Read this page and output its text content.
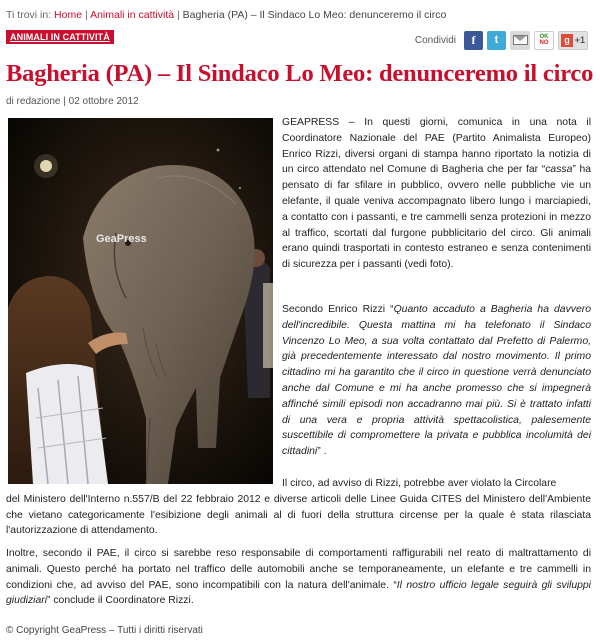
Ti trovi in: Home | Animali in cattività | Bagheria (PA) – Il Sindaco Lo Meo: denunceremo il circo
ANIMALI IN CATTIVITÀ	Condividi f t	OK
NO	g +1
Bagheria (PA) – Il Sindaco Lo Meo: denunceremo il circo
di redazione | 02 ottobre 2012
GeaPress

GEAPRESS – In questi giorni, comunica in una nota il Coordinatore Nazionale del PAE (Partito Animalista Europeo) Enrico Rizzi, diversi organi di stampa hanno riportato la notizia di un circo attendato nel Comune di Bagheria che per far “cassa” ha pensato di far sfilare in pubblico, ovvero nelle pubbliche vie un elefante, il quale veniva accompagnato libero lungo i marciapiedi, a contatto con i passanti, e tre cammelli senza protezioni in mezzo al traffico, scortati dal furgone pubblicitario del circo. Gli animali erano quindi trasportati in contesto estraneo e senza contenimenti di sicurezza per i passanti (vedi foto).

Secondo Enrico Rizzi “Quanto accaduto a Bagheria ha davvero dell'incredibile. Questa mattina mi ha telefonato il Sindaco Vincenzo Lo Meo, a sua volta contattato dal Prefetto di Palermo, già precedentemente interessato dal nostro movimento. Il primo cittadino mi ha garantito che il circo in questione verrà denunciato anche dal Comune e mi ha anche promesso che si impegnerà affinché simili episodi non accadranno mai più. Si è trattato infatti di una vera e propria attività spettacolistica, palesemente suscettibile di compromettere la privata e pubblica incolumità dei cittadini” .

Il circo, ad avviso di Rizzi, potrebbe aver violato la Circolare

del Ministero dell'Interno n.557/B del 22 febbraio 2012 e diverse articoli delle Linee Guida CITES del Ministero dell'Ambiente che vietano categoricamente l'esibizione degli animali al di fuori della struttura circense per la quale è stata rilasciata l'autorizzazione di attendamento.

Inoltre, secondo il PAE, il circo si sarebbe reso responsabile di comportamenti raffigurabili nel reato di maltrattamento di animali. Questo perché ha portato nel traffico delle automobili anche se temporaneamente, un elefante e tre cammelli in condizioni che, ad avviso del PAE, sono incompatibili con la natura dell'animale. “Il nostro ufficio legale seguirà gli sviluppi giudiziari” conclude il Coordinatore Rizzi.

© Copyright GeaPress – Tutti i diritti riservati
